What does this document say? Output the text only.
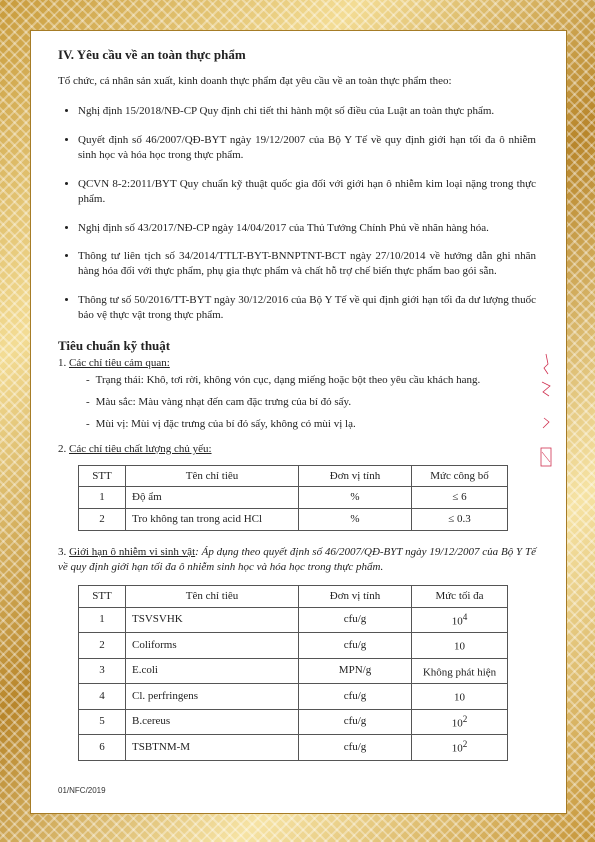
IV. Yêu cầu về an toàn thực phẩm

Tổ chức, cá nhân sản xuất, kinh doanh thực phẩm đạt yêu cầu về an toàn thực phẩm theo:

• Nghị định 15/2018/NĐ-CP Quy định chi tiết thi hành một số điều của Luật an toàn thực phẩm.
• Quyết định số 46/2007/QĐ-BYT ngày 19/12/2007 của Bộ Y Tế về quy định giới hạn tối đa ô nhiễm sinh học và hóa học trong thực phẩm.
• QCVN 8-2:2011/BYT Quy chuẩn kỹ thuật quốc gia đối với giới hạn ô nhiễm kim loại nặng trong thực phẩm.
• Nghị định số 43/2017/NĐ-CP ngày 14/04/2017 của Thủ Tướng Chính Phủ về nhãn hàng hóa.
• Thông tư liên tịch số 34/2014/TTLT-BYT-BNNPTNT-BCT ngày 27/10/2014 về hướng dẫn ghi nhãn hàng hóa đối với thực phẩm, phụ gia thực phẩm và chất hỗ trợ chế biến thực phẩm bao gói sẵn.
• Thông tư số 50/2016/TT-BYT ngày 30/12/2016 của Bộ Y Tế về qui định giới hạn tối đa dư lượng thuốc bảo vệ thực vật trong thực phẩm.
Tiêu chuẩn kỹ thuật

1. Các chỉ tiêu cảm quan:

- Trạng thái: Khô, tơi rời, không vón cục, dạng miếng hoặc bột theo yêu cầu khách hang.
- Màu sắc: Màu vàng nhạt đến cam đặc trưng của bí đỏ sấy.
- Mùi vị: Mùi vị đặc trưng của bí đỏ sấy, không có mùi vị lạ.

2. Các chỉ tiêu chất lượng chủ yếu:

STT	Tên chỉ tiêu	Đơn vị tính	Mức công bố
1	Độ ẩm	%	≤ 6
2	Tro không tan trong acid HCl	%	≤ 0.3

3. Giới hạn ô nhiễm vi sinh vật: Áp dụng theo quyết định số 46/2007/QĐ-BYT ngày 19/12/2007 của Bộ Y Tế về quy định giới hạn tối đa ô nhiễm sinh học và hóa học trong thực phẩm.

STT	Tên chỉ tiêu	Đơn vị tính	Mức tối đa
1	TSVSVHK	cfu/g	$10^4$
2	Coliforms	cfu/g	10
3	E.coli	MPN/g	Không phát hiện
4	Cl. perfringens	cfu/g	10
5	B.cereus	cfu/g	$10^2$
6	TSBTNM-M	cfu/g	$10^2$
01/NFC/2019
